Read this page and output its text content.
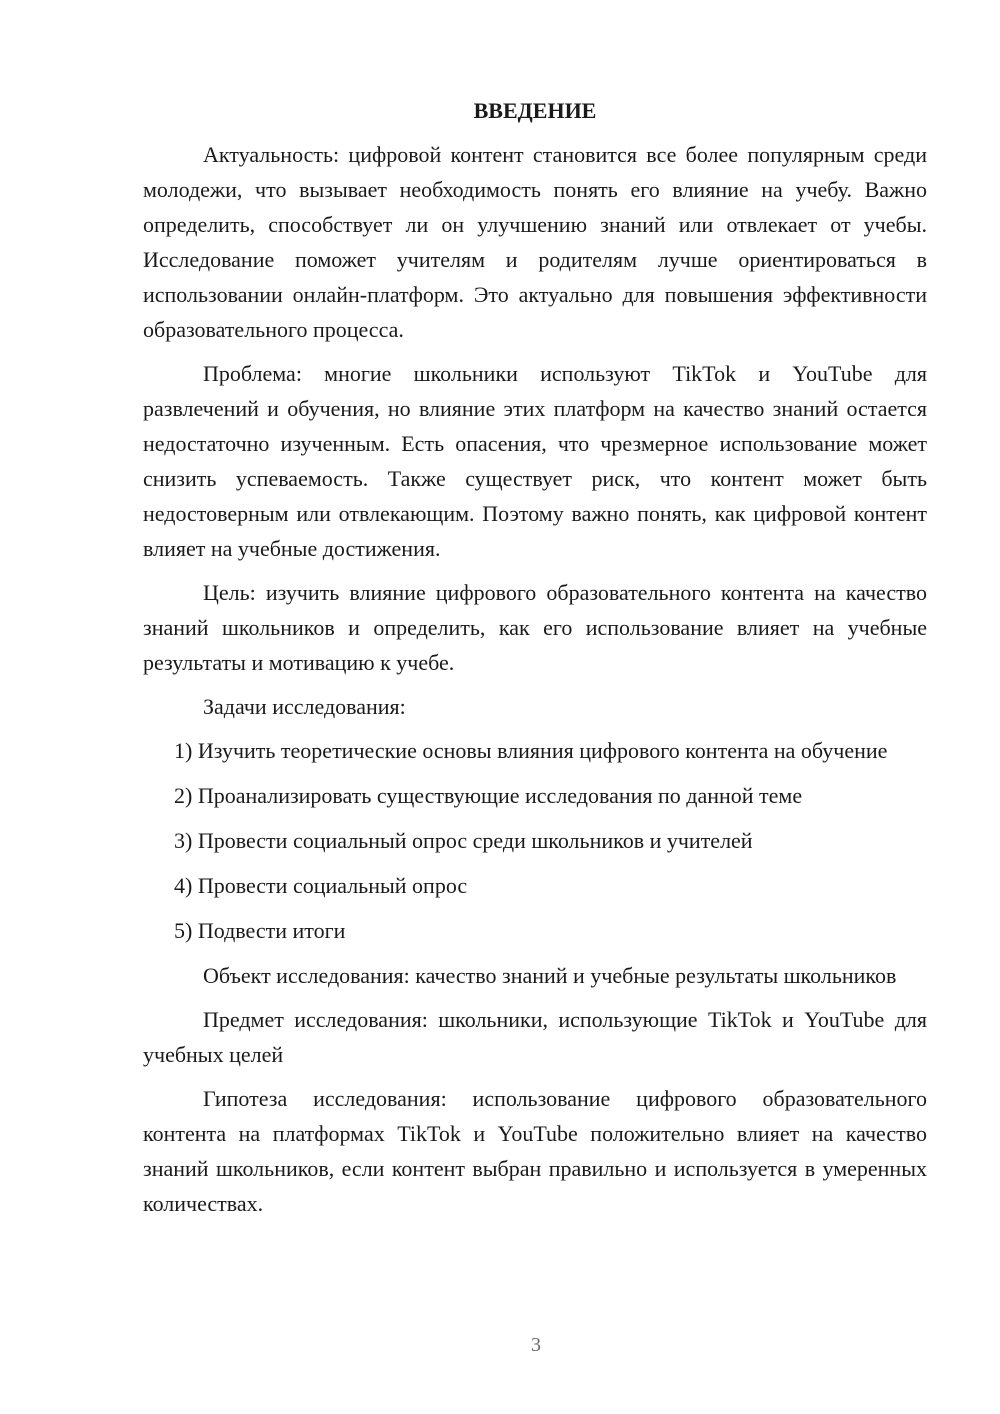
ВВЕДЕНИЕ

Актуальность: цифровой контент становится все более популярным среди молодежи, что вызывает необходимость понять его влияние на учебу. Важно определить, способствует ли он улучшению знаний или отвлекает от учебы. Исследование поможет учителям и родителям лучше ориентироваться в использовании онлайн-платформ. Это актуально для повышения эффективности образовательного процесса.

Проблема: многие школьники используют TikTok и YouTube для развлечений и обучения, но влияние этих платформ на качество знаний остается недостаточно изученным. Есть опасения, что чрезмерное использование может снизить успеваемость. Также существует риск, что контент может быть недостоверным или отвлекающим. Поэтому важно понять, как цифровой контент влияет на учебные достижения.

Цель: изучить влияние цифрового образовательного контента на качество знаний школьников и определить, как его использование влияет на учебные результаты и мотивацию к учебе.

Задачи исследования:

1) Изучить теоретические основы влияния цифрового контента на обучение

2) Проанализировать существующие исследования по данной теме

3) Провести социальный опрос среди школьников и учителей

4) Провести социальный опрос

5) Подвести итоги

Объект исследования: качество знаний и учебные результаты школьников

Предмет исследования: школьники, использующие TikTok и YouTube для учебных целей

Гипотеза исследования: использование цифрового образовательного контента на платформах TikTok и YouTube положительно влияет на качество знаний школьников, если контент выбран правильно и используется в умеренных количествах.

3
